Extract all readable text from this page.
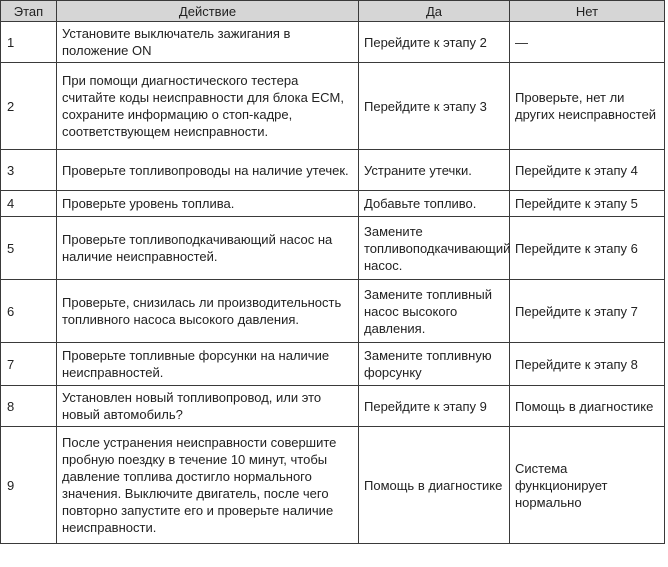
Этап	Действие	Да	Нет
1	Установите выключатель зажигания в положение ON	Перейдите к этапу 2	—
2	При помощи диагностического тестера считайте коды неисправности для блока ECM, сохраните информацию о стоп-кадре, соответствующем неисправности.	Перейдите к этапу 3	Проверьте, нет ли других неисправностей
3	Проверьте топливопроводы на наличие утечек.	Устраните утечки.	Перейдите к этапу 4
4	Проверьте уровень топлива.	Добавьте топливо.	Перейдите к этапу 5
5	Проверьте топливоподкачивающий насос на наличие неисправностей.	Замените топливоподкачивающий насос.	Перейдите к этапу 6
6	Проверьте, снизилась ли производительность топливного насоса высокого давления.	Замените топливный насос высокого давления.	Перейдите к этапу 7
7	Проверьте топливные форсунки на наличие неисправностей.	Замените топливную форсунку	Перейдите к этапу 8
8	Установлен новый топливопровод, или это новый автомобиль?	Перейдите к этапу 9	Помощь в диагностике
9	После устранения неисправности совершите пробную поездку в течение 10 минут, чтобы давление топлива достигло нормального значения. Выключите двигатель, после чего повторно запустите его и проверьте наличие неисправности.	Помощь в диагностике	Система функционирует нормально
